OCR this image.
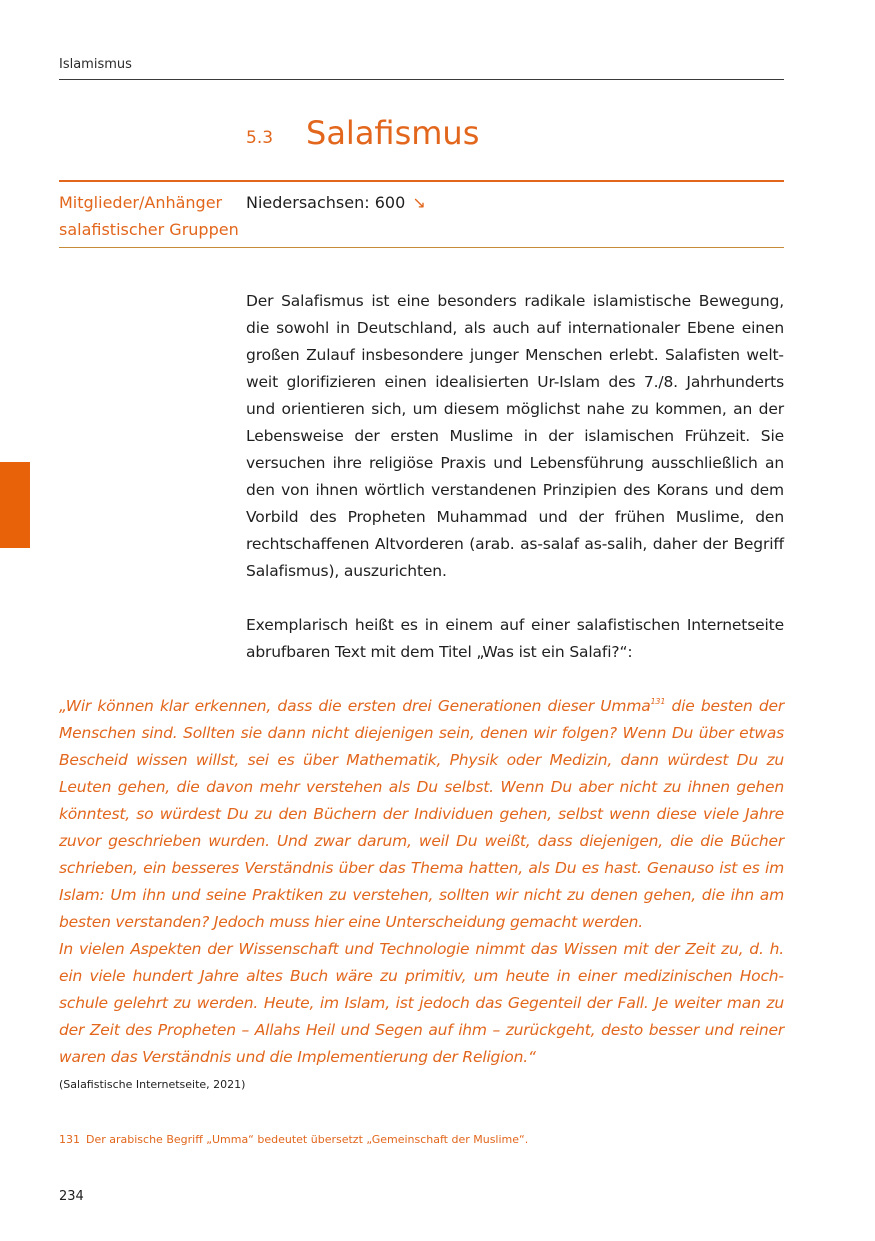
Islamismus
5.3 Salafismus
Mitglieder/Anhänger
salafistischer Gruppen
Niedersachsen: 600 ↘

Der Salafismus ist eine besonders radikale islamistische Bewegung, die sowohl in Deutschland, als auch auf internationaler Ebene einen großen Zulauf insbesondere junger Menschen erlebt. Salafisten weltweit glorifizieren einen idealisierten Ur-Islam des 7./8. Jahrhunderts und orientieren sich, um diesem möglichst nahe zu kommen, an der Lebensweise der ersten Muslime in der islamischen Frühzeit. Sie versuchen ihre religiöse Praxis und Lebensführung ausschließlich an den von ihnen wörtlich verstandenen Prinzipien des Korans und dem Vorbild des Propheten Muhammad und der frühen Muslime, den rechtschaffenen Altvorderen (arab. as-salaf as-salih, daher der Begriff Salafismus), auszurichten.

Exemplarisch heißt es in einem auf einer salafistischen Internetseite abrufbaren Text mit dem Titel „Was ist ein Salafi?“:

„Wir können klar erkennen, dass die ersten drei Generationen dieser Umma$^{131}$ die besten der Menschen sind. Sollten sie dann nicht diejenigen sein, denen wir folgen? Wenn Du über etwas Bescheid wissen willst, sei es über Mathematik, Physik oder Medizin, dann würdest Du zu Leuten gehen, die davon mehr verstehen als Du selbst. Wenn Du aber nicht zu ihnen gehen könntest, so würdest Du zu den Büchern der Individuen gehen, selbst wenn diese viele Jahre zuvor geschrieben wurden. Und zwar darum, weil Du weißt, dass diejenigen, die die Bücher schrieben, ein besseres Verständnis über das Thema hatten, als Du es hast. Genauso ist es im Islam: Um ihn und seine Praktiken zu verstehen, sollten wir nicht zu denen gehen, die ihn am besten verstanden? Jedoch muss hier eine Unterscheidung gemacht werden.
In vielen Aspekten der Wissenschaft und Technologie nimmt das Wissen mit der Zeit zu, d. h. ein viele hundert Jahre altes Buch wäre zu primitiv, um heute in einer medizinischen Hochschule gelehrt zu werden. Heute, im Islam, ist jedoch das Gegenteil der Fall. Je weiter man zu der Zeit des Propheten – Allahs Heil und Segen auf ihm – zurückgeht, desto besser und reiner waren das Verständnis und die Implementierung der Religion.“
(Salafistische Internetseite, 2021)
131 Der arabische Begriff „Umma“ bedeutet übersetzt „Gemeinschaft der Muslime“.
234
